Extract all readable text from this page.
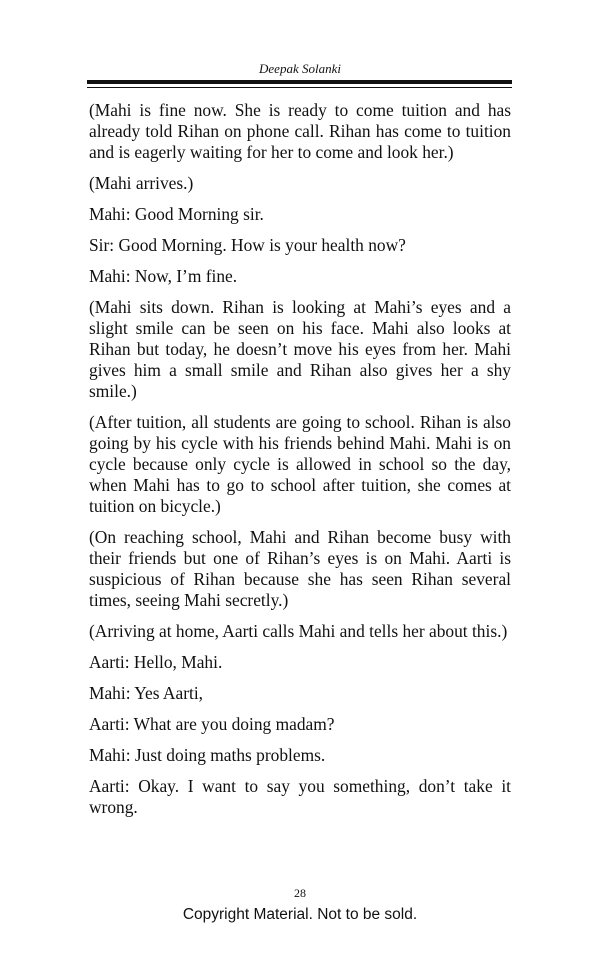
Deepak Solanki

(Mahi is fine now. She is ready to come tuition and has already told Rihan on phone call. Rihan has come to tuition and is eagerly waiting for her to come and look her.)

(Mahi arrives.)

Mahi: Good Morning sir.

Sir: Good Morning. How is your health now?

Mahi: Now, I’m fine.

(Mahi sits down. Rihan is looking at Mahi’s eyes and a slight smile can be seen on his face. Mahi also looks at Rihan but today, he doesn’t move his eyes from her. Mahi gives him a small smile and Rihan also gives her a shy smile.)

(After tuition, all students are going to school. Rihan is also going by his cycle with his friends behind Mahi. Mahi is on cycle because only cycle is allowed in school so the day, when Mahi has to go to school after tuition, she comes at tuition on bicycle.)

(On reaching school, Mahi and Rihan become busy with their friends but one of Rihan’s eyes is on Mahi. Aarti is suspicious of Rihan because she has seen Rihan several times, seeing Mahi secretly.)

(Arriving at home, Aarti calls Mahi and tells her about this.)

Aarti: Hello, Mahi.

Mahi: Yes Aarti,

Aarti: What are you doing madam?

Mahi: Just doing maths problems.

Aarti: Okay. I want to say you something, don’t take it wrong.

28
Copyright Material. Not to be sold.
